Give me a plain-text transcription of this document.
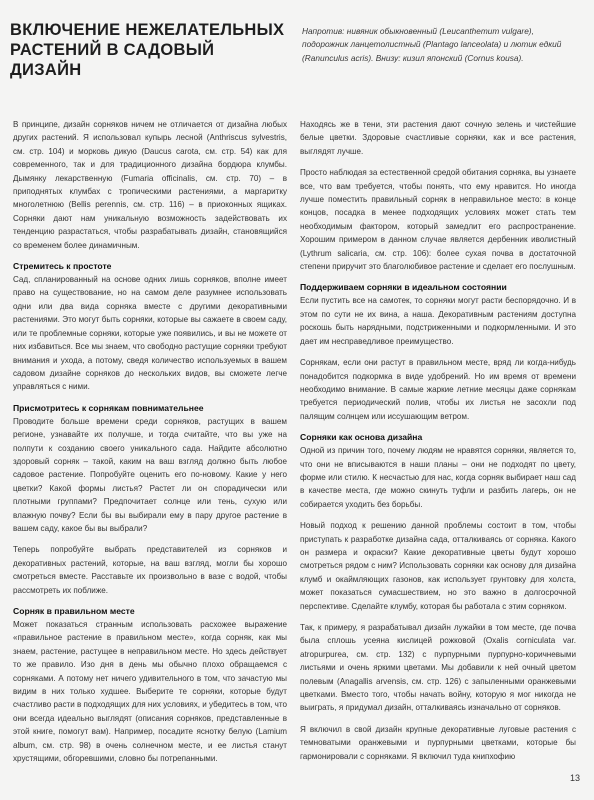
ВКЛЮЧЕНИЕ НЕЖЕЛАТЕЛЬНЫХ РАСТЕНИЙ В САДОВЫЙ ДИЗАЙН
Напротив: нивяник обыкновенный (Leucanthemum vulgare), подорожник ланцетолистный (Plantago lanceolata) и лютик едкий (Ranunculus acris). Внизу: кизил японский (Cornus kousa).

В принципе, дизайн сорняков ничем не отличается от дизайна любых других растений. Я использовал купырь лесной (Anthriscus sylvestris, см. стр. 104) и морковь дикую (Daucus carota, см. стр. 54) как для современного, так и для традиционного дизайна бордюра клумбы. Дымянку лекарственную (Fumaria officinalis, см. стр. 70) – в приподнятых клумбах с тропическими растениями, а маргаритку многолетнюю (Bellis perennis, см. стр. 116) – в приоконных ящиках. Сорняки дают нам уникальную возможность задействовать их тенденцию разрастаться, чтобы разрабатывать дизайн, становящийся со временем более динамичным.

Стремитесь к простоте

Сад, спланированный на основе одних лишь сорняков, вполне имеет право на существование, но на самом деле разумнее использовать одни или два вида сорняка вместе с другими декоративными растениями. Это могут быть сорняки, которые вы сажаете в своем саду, или те проблемные сорняки, которые уже появились, и вы не можете от них избавиться. Все мы знаем, что свободно растущие сорняки требуют внимания и ухода, а потому, сведя количество используемых в вашем садовом дизайне сорняков до нескольких видов, вы сможете легче управляться с ними.

Присмотритесь к сорнякам повнимательнее

Проводите больше времени среди сорняков, растущих в вашем регионе, узнавайте их получше, и тогда считайте, что вы уже на полпути к созданию своего уникального сада. Найдите абсолютно здоровый сорняк – такой, каким на ваш взгляд должно быть любое садовое растение. Попробуйте оценить его по-новому. Какие у него цветки? Какой формы листья? Растет ли он спорадически или плотными группами? Предпочитает солнце или тень, сухую или влажную почву? Если бы вы выбирали ему в пару другое растение в вашем саду, какое бы вы выбрали?

Теперь попробуйте выбрать представителей из сорняков и декоративных растений, которые, на ваш взгляд, могли бы хорошо смотреться вместе. Расставьте их произвольно в вазе с водой, чтобы рассмотреть их поближе.

Сорняк в правильном месте

Может показаться странным использовать расхожее выражение «правильное растение в правильном месте», когда сорняк, как мы знаем, растение, растущее в неправильном месте. Но здесь действует то же правило. Изо дня в день мы обычно плохо обращаемся с сорняками. А потому нет ничего удивительного в том, что зачастую мы видим в них только худшее. Выберите те сорняки, которые будут счастливо расти в подходящих для них условиях, и убедитесь в том, что они всегда идеально выглядят (описания сорняков, представленные в этой книге, помогут вам). Например, посадите ясноткy белую (Lamium album, см. стр. 98) в очень солнечном месте, и ее листья станут хрустящими, обгоревшими, словно бы потрепанными.

Находясь же в тени, эти растения дают сочную зелень и чистейшие белые цветки. Здоровые счастливые сорняки, как и все растения, выглядят лучше.

Просто наблюдая за естественной средой обитания сорняка, вы узнаете все, что вам требуется, чтобы понять, что ему нравится. Но иногда лучше поместить правильный сорняк в неправильное место: в конце концов, посадка в менее подходящих условиях может стать тем необходимым фактором, который замедлит его распространение. Хорошим примером в данном случае является дербенник иволистный (Lythrum salicaria, см. стр. 106): более сухая почва в достаточной степени приручит это благолюбивое растение и сделает его послушным.

Поддерживаем сорняки в идеальном состоянии

Если пустить все на самотек, то сорняки могут расти беспорядочно. И в этом по сути не их вина, а наша. Декоративным растениям доступна роскошь быть нарядными, подстриженными и подкормленными. И это дает им несправедливое преимущество.

Сорнякам, если они растут в правильном месте, вряд ли когда-нибудь понадобится подкормка в виде удобрений. Но им время от времени необходимо внимание. В самые жаркие летние месяцы даже сорнякам требуется периодический полив, чтобы их листья не засохли под палящим солнцем или иссушающим ветром.

Сорняки как основа дизайна

Одной из причин того, почему людям не нравятся сорняки, является то, что они не вписываются в наши планы – они не подходят по цвету, форме или стилю. К несчастью для нас, когда сорняк выбирает наш сад в качестве места, где можно скинуть туфли и разбить лагерь, он не собирается уходить без борьбы.

Новый подход к решению данной проблемы состоит в том, чтобы приступать к разработке дизайна сада, отталкиваясь от сорняка. Какого он размера и окраски? Какие декоративные цветы будут хорошо смотреться рядом с ним? Использовать сорняки как основу для дизайна клумб и окаймляющих газонов, как использует грунтовку для холста, может показаться сумасшествием, но это важно в долгосрочной перспективе. Сделайте клумбу, которая бы работала с этим сорняком.

Так, к примеру, я разрабатывал дизайн лужайки в том месте, где почва была сплошь усеяна кислицей рожковой (Oxalis corniculata var. atropurpurea, см. стр. 132) с пурпурными пурпурно-коричневыми листьями и очень яркими цветами. Мы добавили к ней очный цветом полевым (Anagallis arvensis, см. стр. 126) с запыленными оранжевыми цветками. Вместо того, чтобы начать войну, которую я мог никогда не выиграть, я придумал дизайн, отталкиваясь изначально от сорняков.

Я включил в свой дизайн крупные декоративные луговые растения с темноватыми оранжевыми и пурпурными цветками, которые бы гармонировали с сорняками. Я включил туда книпхофию

13
